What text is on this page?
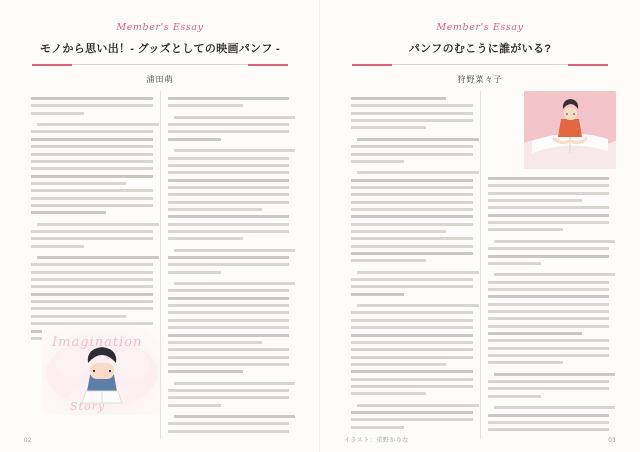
Member's Essay
モノから思い出！- グッズとしての映画パンフ -
浦田萌
Imagination
Story
02
Member's Essay
パンフのむこうに誰がいる?
狩野菜々子
イラスト：重野かりな	03
